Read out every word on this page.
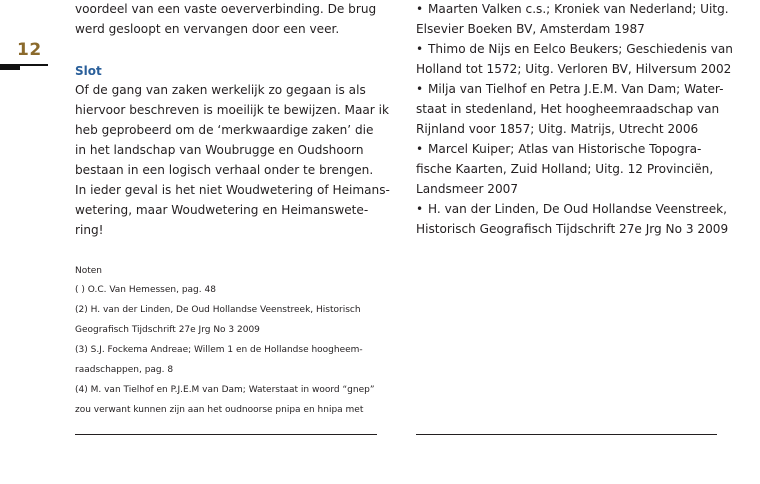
12
voordeel van een vaste oeververbinding. De brug
werd gesloopt en vervangen door een veer.
Slot
Of de gang van zaken werkelijk zo gegaan is als
hiervoor beschreven is moeilijk te bewijzen. Maar ik
heb geprobeerd om de ‘merkwaardige zaken’ die
in het landschap van Woubrugge en Oudshoorn
bestaan in een logisch verhaal onder te brengen.
In ieder geval is het niet Woudwetering of Heimans-
wetering, maar Woudwetering en Heimanswete-
ring!
Noten
( ) O.C. Van Hemessen, pag. 48
(2) H. van der Linden, De Oud Hollandse Veenstreek, Historisch
Geografisch Tijdschrift 27e Jrg No 3 2009
(3) S.J. Fockema Andreae; Willem 1 en de Hollandse hoogheem-
raadschappen, pag. 8
(4) M. van Tielhof en P.J.E.M van Dam; Waterstaat in woord “gnep”
zou verwant kunnen zijn aan het oudnoorse pnipa en hnipa met
• Maarten Valken c.s.; Kroniek van Nederland; Uitg.
Elsevier Boeken BV, Amsterdam 1987
• Thimo de Nijs en Eelco Beukers; Geschiedenis van
Holland tot 1572; Uitg. Verloren BV, Hilversum 2002
• Milja van Tielhof en Petra J.E.M. Van Dam; Water-
staat in stedenland, Het hoogheemraadschap van
Rijnland voor 1857; Uitg. Matrijs, Utrecht 2006
• Marcel Kuiper; Atlas van Historische Topogra-
fische Kaarten, Zuid Holland; Uitg. 12 Provinciën,
Landsmeer 2007
• H. van der Linden, De Oud Hollandse Veenstreek,
Historisch Geografisch Tijdschrift 27e Jrg No 3 2009
